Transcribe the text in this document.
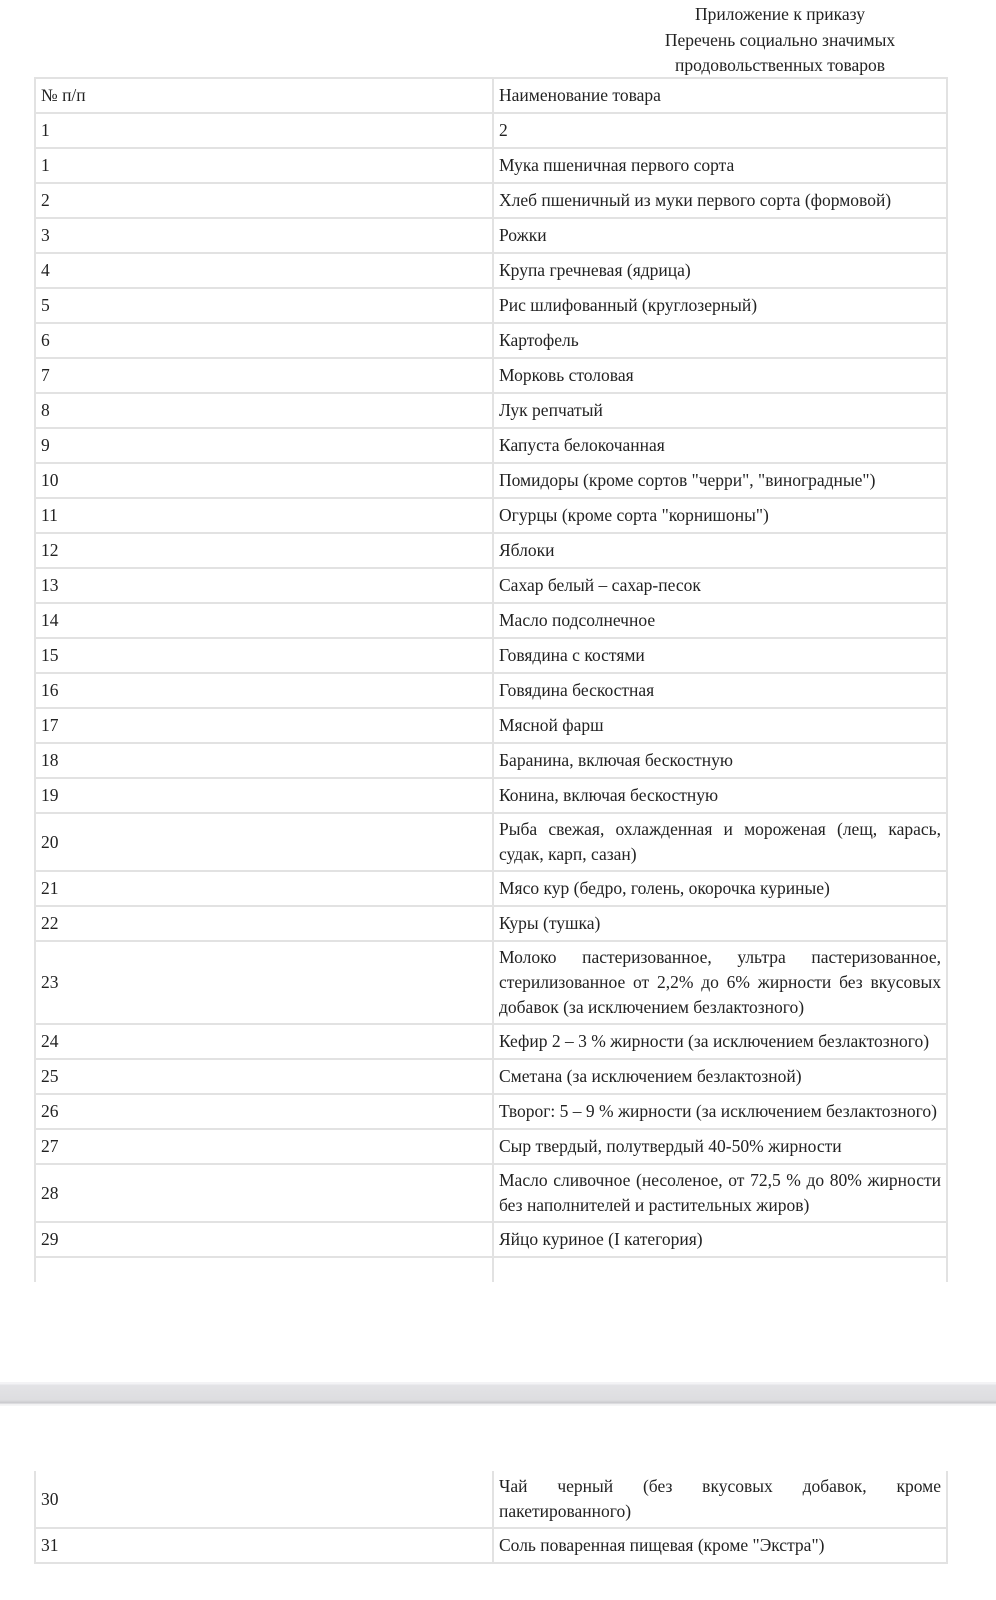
Приложение к приказу
Перечень социально значимых
продовольственных товаров
№ п/п	Наименование товара
1	2
1	Мука пшеничная первого сорта
2	Хлеб пшеничный из муки первого сорта (формовой)
3	Рожки
4	Крупа гречневая (ядрица)
5	Рис шлифованный (круглозерный)
6	Картофель
7	Морковь столовая
8	Лук репчатый
9	Капуста белокочанная
10	Помидоры (кроме сортов "черри", "виноградные")
11	Огурцы (кроме сорта "корнишоны")
12	Яблоки
13	Сахар белый – сахар-песок
14	Масло подсолнечное
15	Говядина с костями
16	Говядина бескостная
17	Мясной фарш
18	Баранина, включая бескостную
19	Конина, включая бескостную
20	Рыба свежая, охлажденная и мороженая (лещ, карась, судак, карп, сазан)
21	Мясо кур (бедро, голень, окорочка куриные)
22	Куры (тушка)
23	Молоко пастеризованное, ультра пастеризованное, стерилизованное от 2,2% до 6% жирности без вкусовых добавок (за исключением безлактозного)
24	Кефир 2 – 3 % жирности (за исключением безлактозного)
25	Сметана (за исключением безлактозной)
26	Творог: 5 – 9 % жирности (за исключением безлактозного)
27	Сыр твердый, полутвердый 40-50% жирности
28	Масло сливочное (несоленое, от 72,5 % до 80% жирности без наполнителей и растительных жиров)
29	Яйцо куриное (I категория)

30	Чай черный (без вкусовых добавок, кроме пакетированного)
31	Соль поваренная пищевая (кроме "Экстра")
